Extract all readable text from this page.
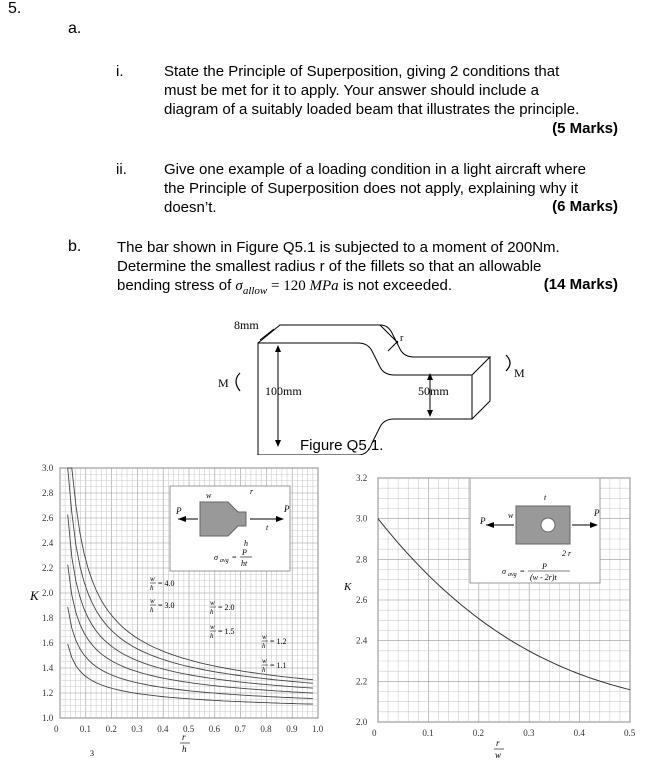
5.
a.
i.	State the Principle of Superposition, giving 2 conditions that
must be met for it to apply. Your answer should include a
diagram of a suitably loaded beam that illustrates the principle.
(5 Marks)
ii. Give one example of a loading condition in a light aircraft where
the Principle of Superposition does not apply, explaining why it
doesn’t.	(6 Marks)
b. The bar shown in Figure Q5.1 is subjected to a moment of 200Nm.
Determine the smallest radius r of the fillets so that an allowable
bending stress of $\sigma_{allow} = 120$ MPa is not exceeded.	(14 Marks)
8mm
r
100mm	50mm
M
M
Figure Q5.1.
3.0
2.8
2.6
2.4
2.2
2.0
1.8
1.6
1.4
1.2
1.0
0 0.1 0.2 0.3 0.4 0.5 0.6 0.7 0.8 0.9 1.0
P	P
w	r
h
t
σ avg =
P
ht
w
h = 4.0
w
h = 3.0	w
h = 2.0
w
h = 1.5
w
h = 1.2
w
h = 1.1
K
r
h
3
3.2
3.0
2.8
2.6
2.4
2.2
2.0
0	0.1	0.2	0.3	0.4	0.5
P
P
w
t
2 r
σ avg =
P
(w - 2r)t
K
r
w
